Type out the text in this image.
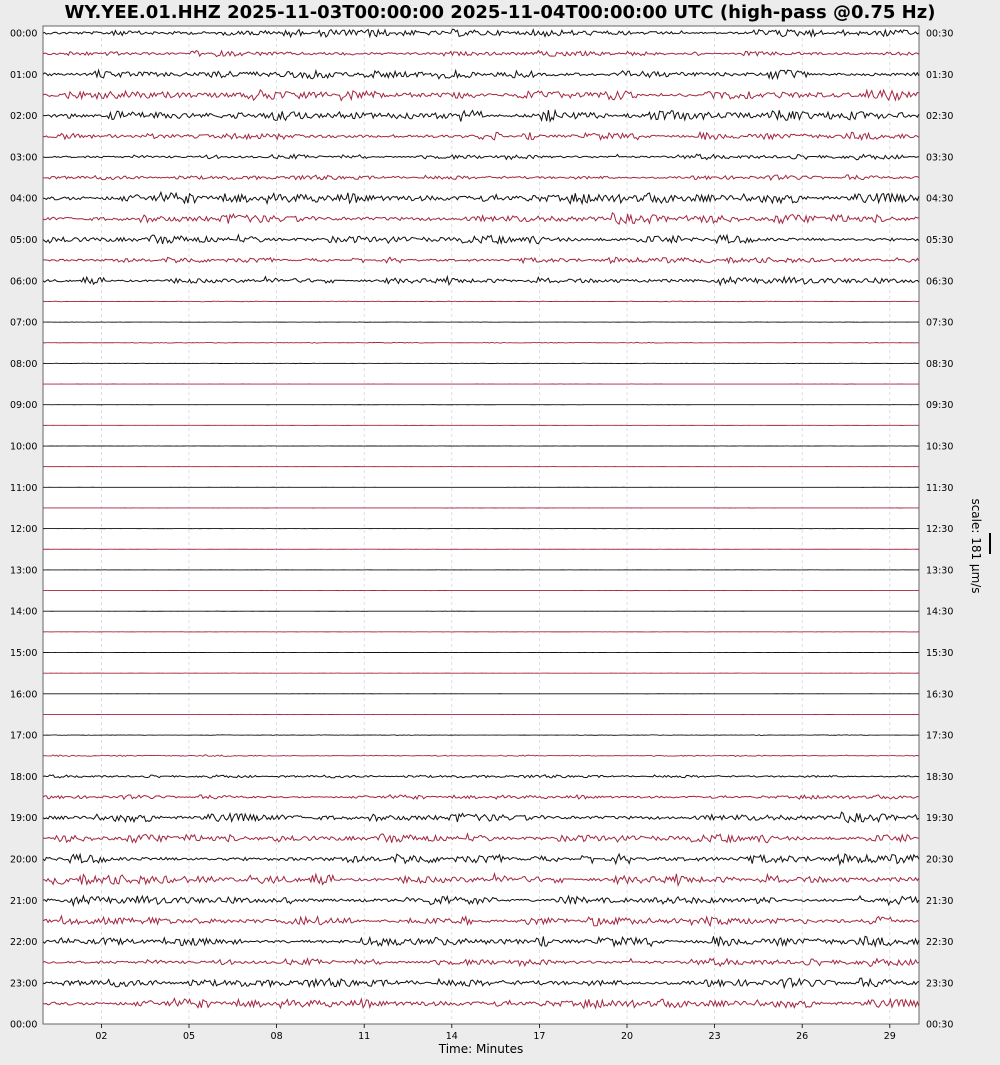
WY.YEE.01.HHZ 2025-11-03T00:00:00 2025-11-04T00:00:00 UTC (high-pass @0.75 Hz)
00:00
01:00
02:00
03:00
04:00
05:00
06:00
07:00
08:00
09:00
10:00
11:00
12:00
13:00
14:00
15:00
16:00
17:00
18:00
19:00
20:00
21:00
22:00
23:00
00:00
00:30
01:30
02:30
03:30
04:30
05:30
06:30
07:30
08:30
09:30
10:30
11:30
12:30
13:30
14:30
15:30
16:30
17:30
18:30
19:30
20:30
21:30
22:30
23:30
00:30
02	05	08	11	14	17	20	23	26	29
scale: 181 µm/s
Time: Minutes
